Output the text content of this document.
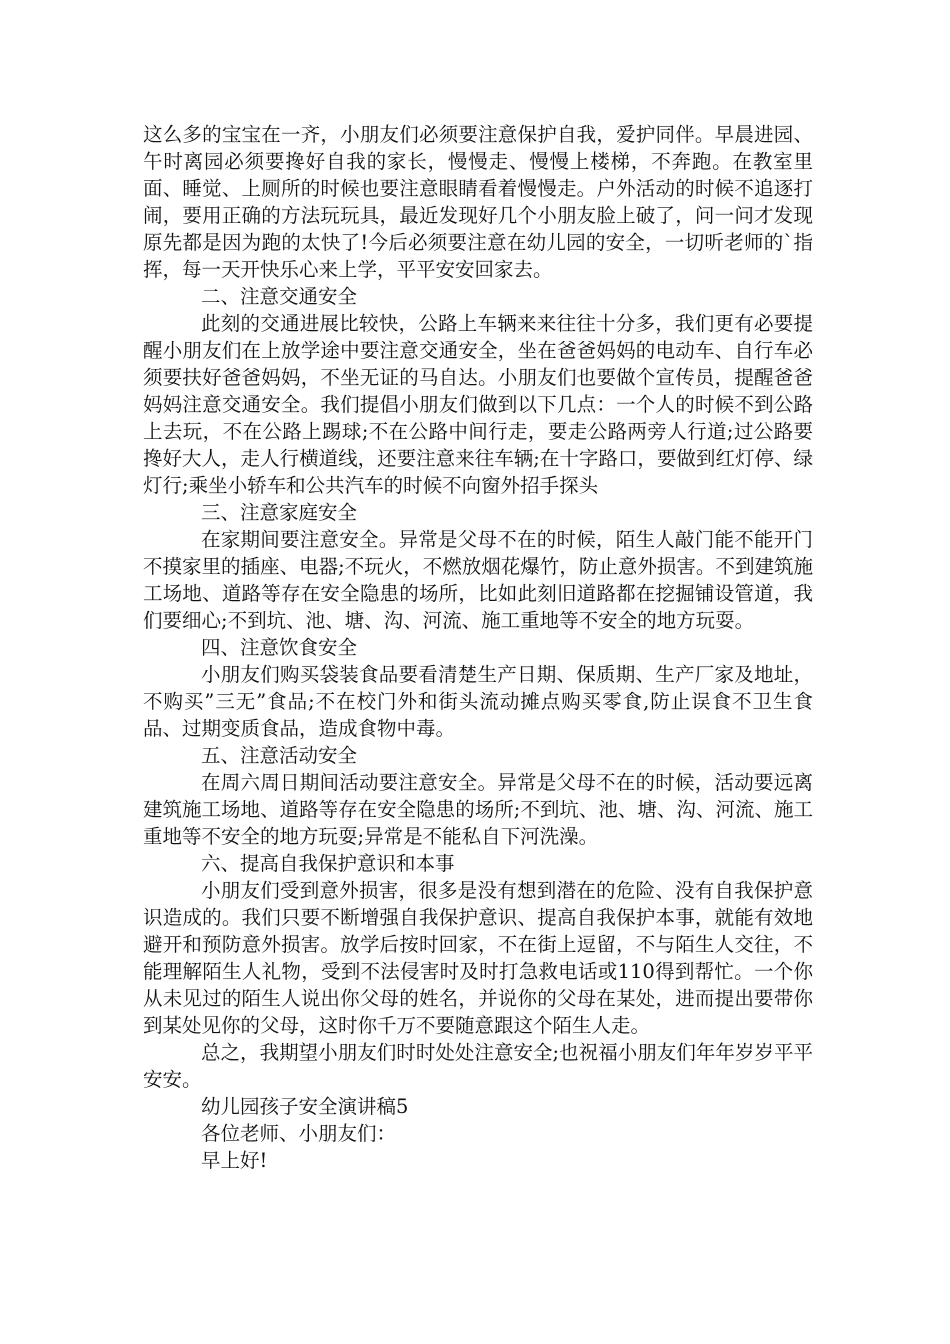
这么多的宝宝在一齐，小朋友们必须要注意保护自我，爱护同伴。早晨进园、午时离园必须要搀好自我的家长，慢慢走、慢慢上楼梯，不奔跑。在教室里面、睡觉、上厕所的时候也要注意眼睛看着慢慢走。户外活动的时候不追逐打闹，要用正确的方法玩玩具，最近发现好几个小朋友脸上破了，问一问才发现原先都是因为跑的太快了!今后必须要注意在幼儿园的安全，一切听老师的`指挥，每一天开快乐心来上学，平平安安回家去。

二、注意交通安全

此刻的交通进展比较快，公路上车辆来来往往十分多，我们更有必要提醒小朋友们在上放学途中要注意交通安全，坐在爸爸妈妈的电动车、自行车必须要扶好爸爸妈妈，不坐无证的马自达。小朋友们也要做个宣传员，提醒爸爸妈妈注意交通安全。我们提倡小朋友们做到以下几点：一个人的时候不到公路上去玩，不在公路上踢球;不在公路中间行走，要走公路两旁人行道;过公路要搀好大人，走人行横道线，还要注意来往车辆;在十字路口，要做到红灯停、绿灯行;乘坐小轿车和公共汽车的时候不向窗外招手探头

三、注意家庭安全

在家期间要注意安全。异常是父母不在的时候，陌生人敲门能不能开门不摸家里的插座、电器;不玩火，不燃放烟花爆竹，防止意外损害。不到建筑施工场地、道路等存在安全隐患的场所，比如此刻旧道路都在挖掘铺设管道，我们要细心;不到坑、池、塘、沟、河流、施工重地等不安全的地方玩耍。

四、注意饮食安全

小朋友们购买袋装食品要看清楚生产日期、保质期、生产厂家及地址，不购买”三无”食品;不在校门外和街头流动摊点购买零食,防止误食不卫生食品、过期变质食品，造成食物中毒。

五、注意活动安全

在周六周日期间活动要注意安全。异常是父母不在的时候，活动要远离建筑施工场地、道路等存在安全隐患的场所;不到坑、池、塘、沟、河流、施工重地等不安全的地方玩耍;异常是不能私自下河洗澡。

六、提高自我保护意识和本事

小朋友们受到意外损害，很多是没有想到潜在的危险、没有自我保护意识造成的。我们只要不断增强自我保护意识、提高自我保护本事，就能有效地避开和预防意外损害。放学后按时回家，不在街上逗留，不与陌生人交往，不能理解陌生人礼物，受到不法侵害时及时打急救电话或110得到帮忙。一个你从未见过的陌生人说出你父母的姓名，并说你的父母在某处，进而提出要带你到某处见你的父母，这时你千万不要随意跟这个陌生人走。

总之，我期望小朋友们时时处处注意安全;也祝福小朋友们年年岁岁平平安安。

幼儿园孩子安全演讲稿5

各位老师、小朋友们：

早上好!
